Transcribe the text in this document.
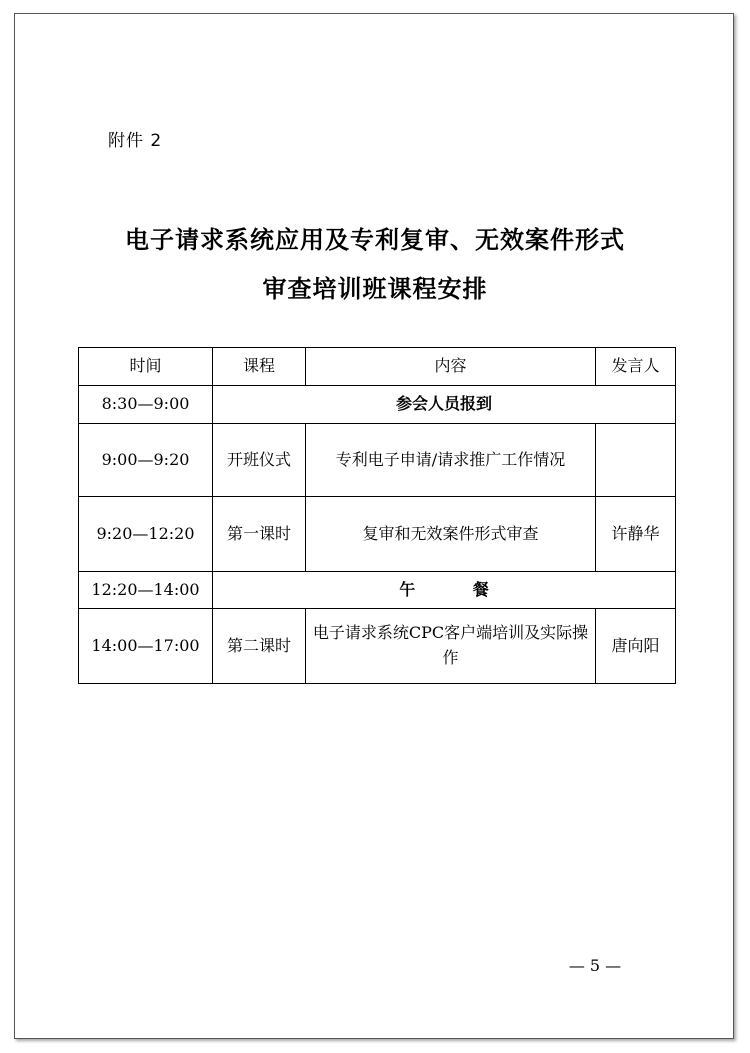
附件 2
电子请求系统应用及专利复审、无效案件形式
审查培训班课程安排
时间	课程	内容	发言人
8:30—9:00	参会人员报到		
9:00—9:20	开班仪式	专利电子申请/请求推广工作情况	
9:20—12:20	第一课时	复审和无效案件形式审查	许静华
12:20—14:00	午 餐		
14:00—17:00	第二课时	电子请求系统CPC客户端培训及实际操作	唐向阳
— 5 —
